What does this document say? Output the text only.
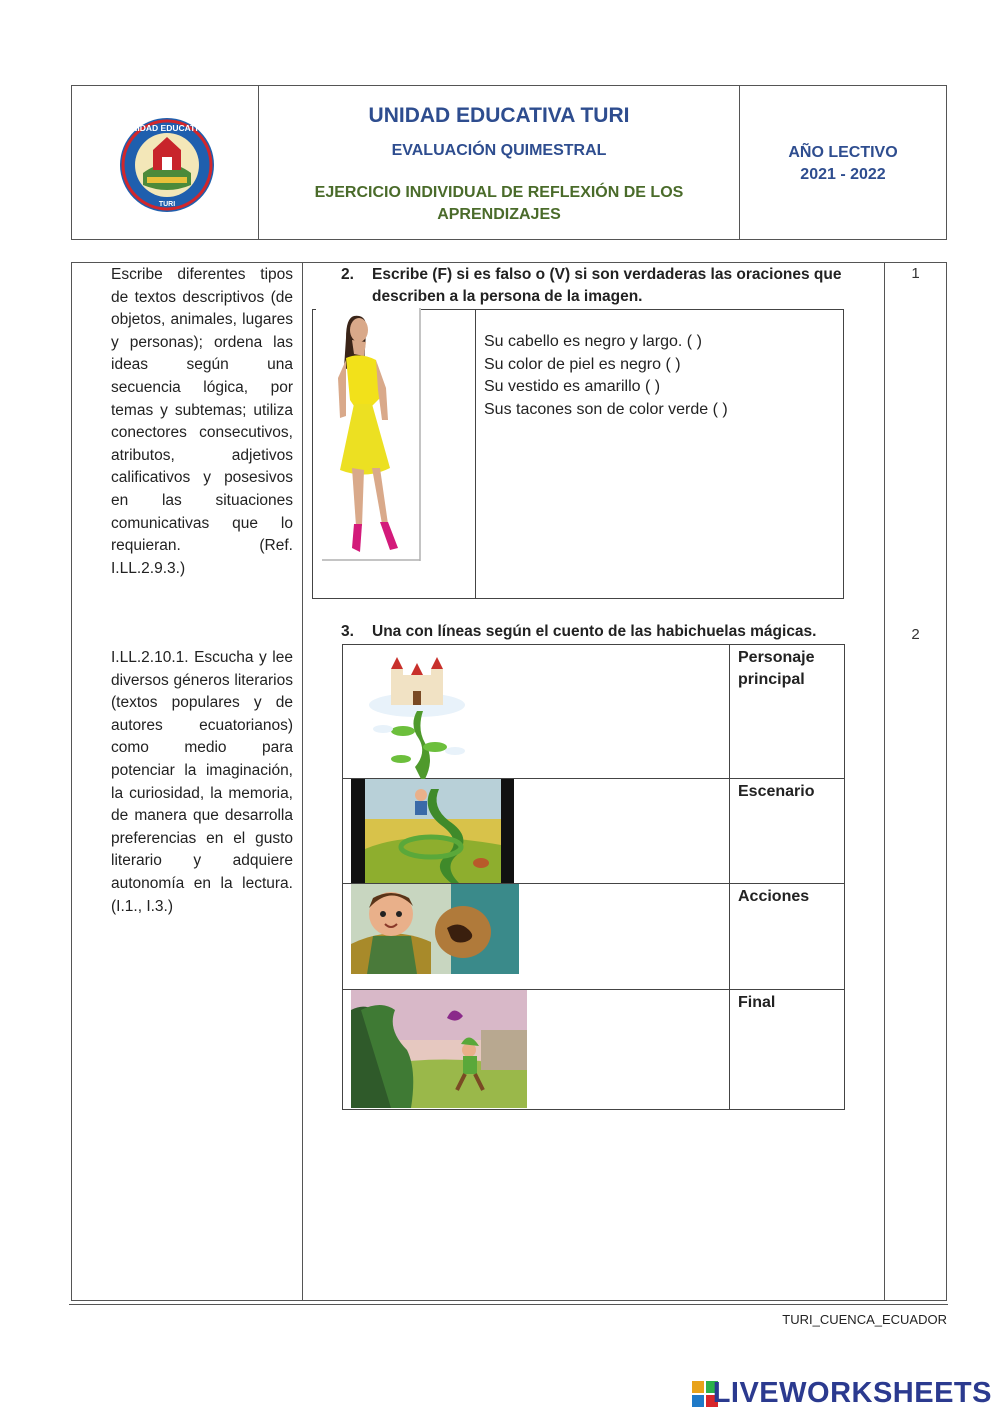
UNIDAD EDUCATIVA
TURI
UNIDAD EDUCATIVA TURI
EVALUACIÓN QUIMESTRAL
EJERCICIO INDIVIDUAL DE REFLEXIÓN DE LOS
APRENDIZAJES
AÑO LECTIVO
2021 - 2022
Escribe diferentes tipos de textos descriptivos (de objetos, animales, lugares y personas); ordena las ideas según una secuencia lógica, por temas y subtemas; utiliza conectores consecutivos, atributos, adjetivos calificativos y posesivos en las situaciones comunicativas que lo requieran. (Ref. I.LL.2.9.3.)
I.LL.2.10.1. Escucha y lee diversos géneros literarios (textos populares y de autores ecuatorianos) como medio para potenciar la imaginación, la curiosidad, la memoria, de manera que desarrolla preferencias en el gusto literario y adquiere autonomía en la lectura. (I.1., I.3.)
2. Escribe (F) si es falso o (V) si son verdaderas las oraciones que describen a la persona de la imagen.
Su cabello es negro y largo. ( )
Su color de piel es negro ( )
Su vestido es amarillo ( )
Sus tacones son de color verde ( )
3. Una con líneas según el cuento de las habichuelas mágicas.
Personaje principal
Escenario
Acciones
Final
1
2
TURI_CUENCA_ECUADOR
LIVEWORKSHEETS
